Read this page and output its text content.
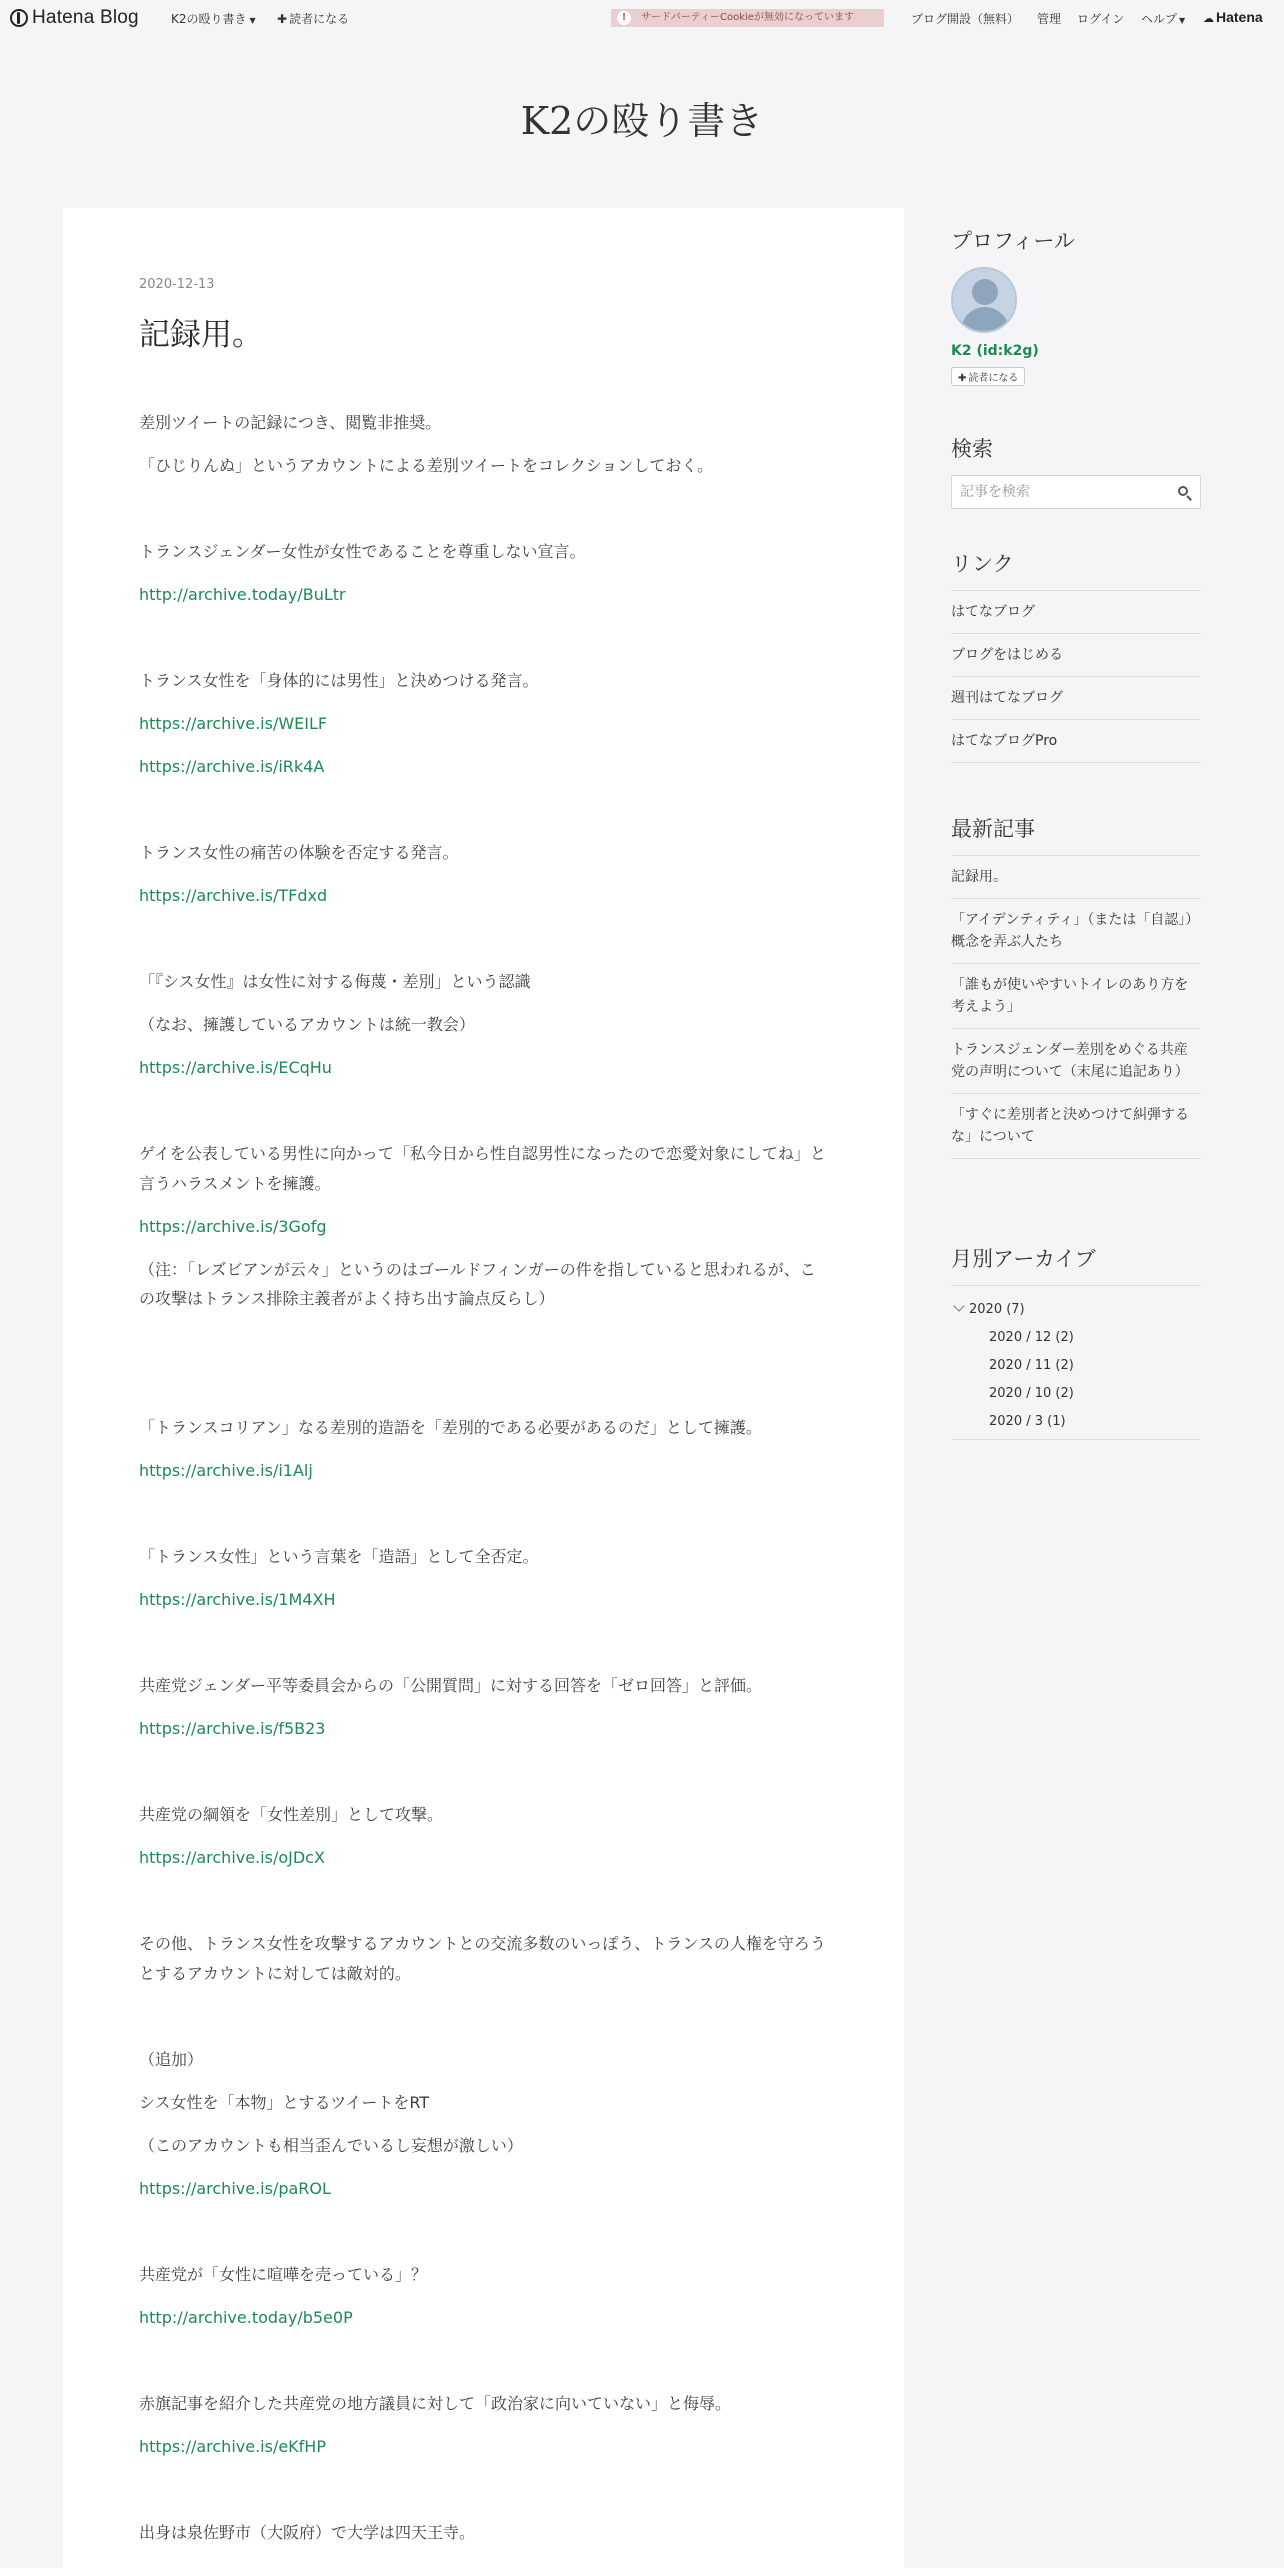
Hatena Blog	K2の殴り書き ▼ ✚ 読者になる	!	サードパーティーCookieが無効になっています	ブログ開設（無料） 管理 ログイン ヘルプ ▼ ☁ Hatena
K2の殴り書き
2020-12-13
記録用。

差別ツイートの記録につき、閲覧非推奨。

「ひじりんぬ」というアカウントによる差別ツイートをコレクションしておく。

トランスジェンダー女性が女性であることを尊重しない宣言。

http://archive.today/BuLtr

トランス女性を「身体的には男性」と決めつける発言。

https://archive.is/WEILF

https://archive.is/iRk4A

トランス女性の痛苦の体験を否定する発言。

https://archive.is/TFdxd

「『シス女性』は女性に対する侮蔑・差別」という認識

（なお、擁護しているアカウントは統一教会）

https://archive.is/ECqHu

ゲイを公表している男性に向かって「私今日から性自認男性になったので恋愛対象にしてね」と言うハラスメントを擁護。

https://archive.is/3Gofg

（注：「レズビアンが云々」というのはゴールドフィンガーの件を指していると思われるが、この攻撃はトランス排除主義者がよく持ち出す論点反らし）

「トランスコリアン」なる差別的造語を「差別的である必要があるのだ」として擁護。

https://archive.is/i1Alj

「トランス女性」という言葉を「造語」として全否定。

https://archive.is/1M4XH

共産党ジェンダー平等委員会からの「公開質問」に対する回答を「ゼロ回答」と評価。

https://archive.is/f5B23

共産党の綱領を「女性差別」として攻撃。

https://archive.is/oJDcX

その他、トランス女性を攻撃するアカウントとの交流多数のいっぽう、トランスの人権を守ろうとするアカウントに対しては敵対的。

（追加）

シス女性を「本物」とするツイートをRT

（このアカウントも相当歪んでいるし妄想が激しい）

https://archive.is/paROL

共産党が「女性に喧嘩を売っている」？

http://archive.today/b5e0P

赤旗記事を紹介した共産党の地方議員に対して「政治家に向いていない」と侮辱。

https://archive.is/eKfHP

出身は泉佐野市（大阪府）で大学は四天王寺。

プロフィール
K2 (id:k2g)
✚ 読者になる
検索
記事を検索
リンク
はてなブログ
ブログをはじめる
週刊はてなブログ
はてなブログPro
最新記事
記録用。
「アイデンティティ」（または「自認」）概念を弄ぶ人たち
「誰もが使いやすいトイレのあり方を考えよう」
トランスジェンダー差別をめぐる共産党の声明について（末尾に追記あり）
「すぐに差別者と決めつけて糾弾するな」について
月別アーカイブ
2020 (7)
2020 / 12 (2)
2020 / 11 (2)
2020 / 10 (2)
2020 / 3 (1)
